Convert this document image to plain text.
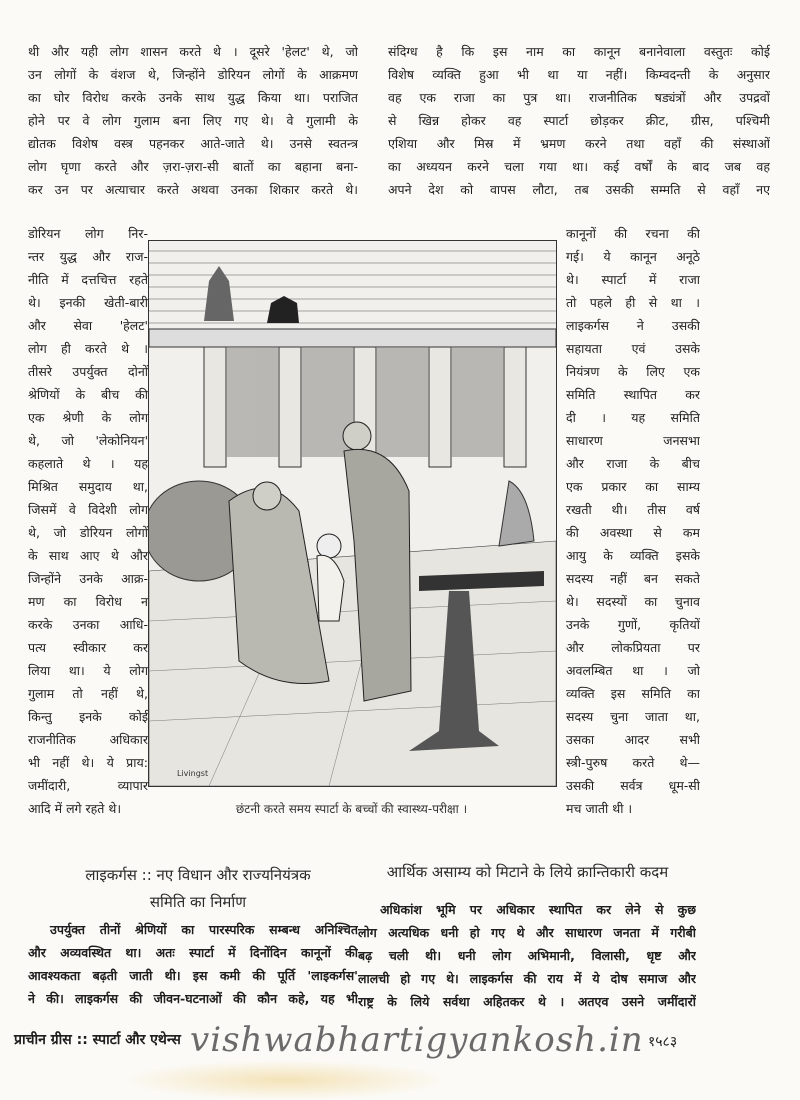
थी और यही लोग शासन करते थे । दूसरे 'हेलट' थे, जो
उन लोगों के वंशज थे, जिन्होंने डोरियन लोगों के आक्रमण
का घोर विरोध करके उनके साथ युद्ध किया था। पराजित
होने पर वे लोग गुलाम बना लिए गए थे। वे गुलामी के
द्योतक विशेष वस्त्र पहनकर आते-जाते थे। उनसे स्वतन्त्र
लोग घृणा करते और ज़रा-ज़रा-सी बातों का बहाना बना-
कर उन पर अत्याचार करते अथवा उनका शिकार करते थे।
संदिग्ध है कि इस नाम का कानून बनानेवाला वस्तुतः कोई
विशेष व्यक्ति हुआ भी था या नहीं। किम्वदन्ती के अनुसार
वह एक राजा का पुत्र था। राजनीतिक षड्यंत्रों और उपद्रवों
से खिन्न होकर वह स्पार्टा छोड़कर क्रीट, ग्रीस, पश्चिमी
एशिया और मिस्र में भ्रमण करने तथा वहाँ की संस्थाओं
का अध्ययन करने चला गया था। कई वर्षों के बाद जब वह
अपने देश को वापस लौटा, तब उसकी सम्मति से वहाँ नए
डोरियन लोग निर-
न्तर युद्ध और राज-
नीति में दत्तचित्त रहते
थे। इनकी खेती-बारी
और सेवा 'हेलट'
लोग ही करते थे ।
तीसरे उपर्युक्त दोनों
श्रेणियों के बीच की
एक श्रेणी के लोग
थे, जो 'लेकोनियन'
कहलाते थे । यह
मिश्रित समुदाय था,
जिसमें वे विदेशी लोग
थे, जो डोरियन लोगों
के साथ आए थे और
जिन्होंने उनके आक्र-
मण का विरोध न
करके उनका आधि-
पत्य स्वीकार कर
लिया था। ये लोग
गुलाम तो नहीं थे,
किन्तु इनके कोई
राजनीतिक अधिकार
भी नहीं थे। ये प्राय:
जमींदारी, व्यापार
आदि में लगे रहते थे।
कानूनों की रचना की
गई। ये कानून अनूठे
थे। स्पार्टा में राजा
तो पहले ही से था ।
लाइकर्गस ने उसकी
सहायता एवं उसके
नियंत्रण के लिए एक
समिति स्थापित कर
दी । यह समिति
साधारण जनसभा
और राजा के बीच
एक प्रकार का साम्य
रखती थी। तीस वर्ष
की अवस्था से कम
आयु के व्यक्ति इसके
सदस्य नहीं बन सकते
थे। सदस्यों का चुनाव
उनके गुणों, कृतियों
और लोकप्रियता पर
अवलम्बित था । जो
व्यक्ति इस समिति का
सदस्य चुना जाता था,
उसका आदर सभी
स्त्री-पुरुष करते थे—
उसकी सर्वत्र धूम-सी
मच जाती थी ।
Livingst
छंटनी करते समय स्पार्टा के बच्चों की स्वास्थ्य-परीक्षा ।
लाइकर्गस :: नए विधान और राज्यनियंत्रक
समिति का निर्माण
आर्थिक असाम्य को मिटाने के लिये क्रान्तिकारी कदम
उपर्युक्त तीनों श्रेणियों का पारस्परिक सम्बन्ध अनिश्चित
और अव्यवस्थित था। अतः स्पार्टा में दिनोंदिन कानूनों की
आवश्यकता बढ़ती जाती थी। इस कमी की पूर्ति 'लाइकर्गस'
ने की। लाइकर्गस की जीवन-घटनाओं की कौन कहे, यह भी
अधिकांश भूमि पर अधिकार स्थापित कर लेने से कुछ
लोग अत्यधिक धनी हो गए थे और साधारण जनता में गरीबी
बढ़ चली थी। धनी लोग अभिमानी, विलासी, धृष्ट और
लालची हो गए थे। लाइकर्गस की राय में ये दोष समाज और
राष्ट्र के लिये सर्वथा अहितकर थे । अतएव उसने जमींदारों
प्राचीन ग्रीस :: स्पार्टा और एथेन्स vishwabhartigyankosh.in १५८३
